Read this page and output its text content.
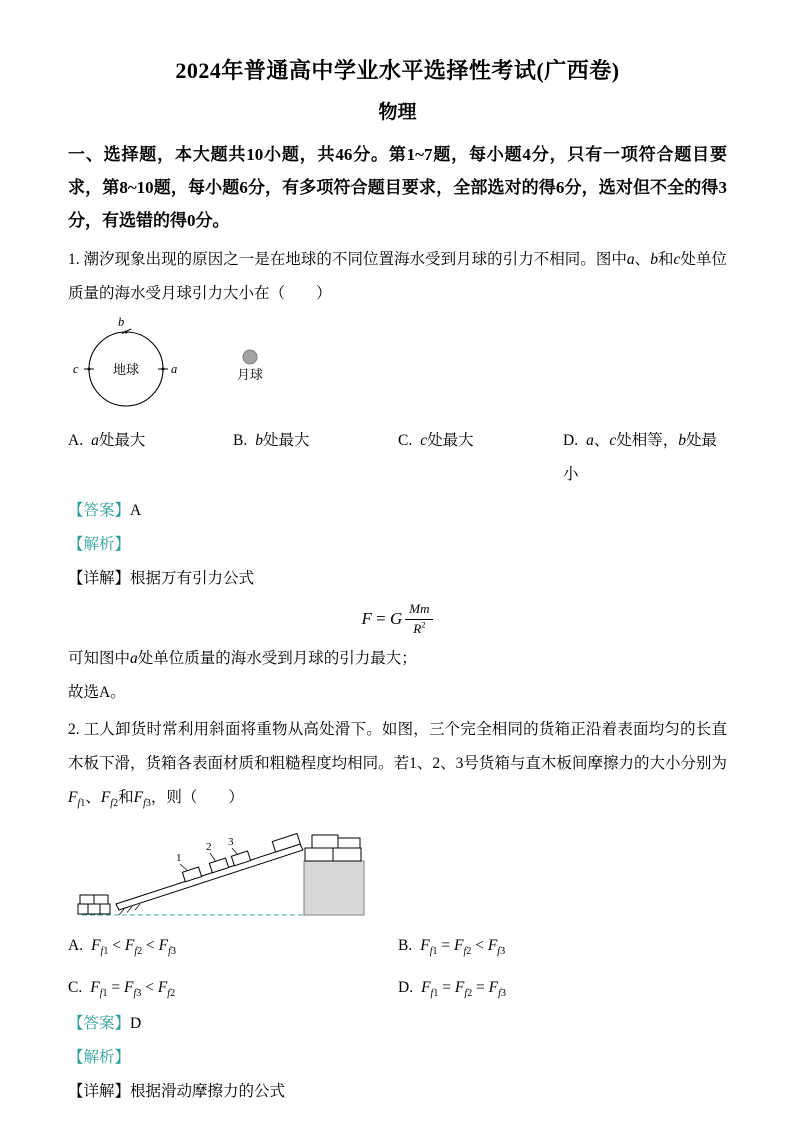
2024年普通高中学业水平选择性考试(广西卷)
物理

一、选择题，本大题共10小题，共46分。第1~7题，每小题4分，只有一项符合题目要求，第8~10题，每小题6分，有多项符合题目要求，全部选对的得6分，选对但不全的得3分，有选错的得0分。

1. 潮汐现象出现的原因之一是在地球的不同位置海水受到月球的引力不相同。图中a、b和c处单位质量的海水受月球引力大小在（　　）

地球
b
c	a	月球
A. a处最大	B. b处最大	C. c处最大	D. a、c处相等，b处最小

【答案】A

【解析】

【详解】根据万有引力公式

F = G $\frac{Mm}{R^2}$

可知图中a处单位质量的海水受到月球的引力最大；

故选A。

2. 工人卸货时常利用斜面将重物从高处滑下。如图，三个完全相同的货箱正沿着表面均匀的长直木板下滑，货箱各表面材质和粗糙程度均相同。若1、2、3号货箱与直木板间摩擦力的大小分别为$F_{f1}$、$F_{f2}$和$F_{f3}$，则（　　）

1
2 3
A. $F_{f1} < F_{f2} < F_{f3}$	B. $F_{f1} = F_{f2} < F_{f3}$
C. $F_{f1} = F_{f3} < F_{f2}$	D. $F_{f1} = F_{f2} = F_{f3}$

【答案】D

【解析】

【详解】根据滑动摩擦力的公式
